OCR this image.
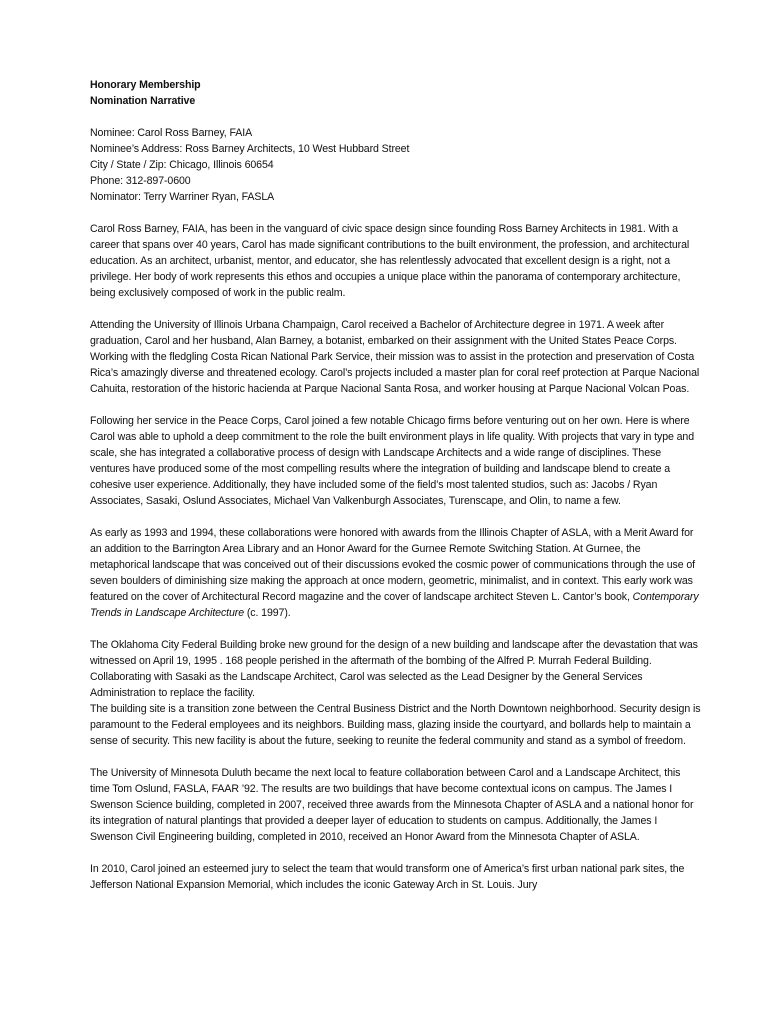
Honorary Membership
Nomination Narrative
Nominee: Carol Ross Barney, FAIA
Nominee’s Address: Ross Barney Architects, 10 West Hubbard Street
City / State / Zip: Chicago, Illinois 60654
Phone: 312-897-0600
Nominator: Terry Warriner Ryan, FASLA

Carol Ross Barney, FAIA, has been in the vanguard of civic space design since founding Ross Barney Architects in 1981. With a career that spans over 40 years, Carol has made significant contributions to the built environment, the profession, and architectural education. As an architect, urbanist, mentor, and educator, she has relentlessly advocated that excellent design is a right, not a privilege. Her body of work represents this ethos and occupies a unique place within the panorama of contemporary architecture, being exclusively composed of work in the public realm.

Attending the University of Illinois Urbana Champaign, Carol received a Bachelor of Architecture degree in 1971. A week after graduation, Carol and her husband, Alan Barney, a botanist, embarked on their assignment with the United States Peace Corps. Working with the fledgling Costa Rican National Park Service, their mission was to assist in the protection and preservation of Costa Rica’s amazingly diverse and threatened ecology. Carol’s projects included a master plan for coral reef protection at Parque Nacional Cahuita, restoration of the historic hacienda at Parque Nacional Santa Rosa, and worker housing at Parque Nacional Volcan Poas.

Following her service in the Peace Corps, Carol joined a few notable Chicago firms before venturing out on her own. Here is where Carol was able to uphold a deep commitment to the role the built environment plays in life quality. With projects that vary in type and scale, she has integrated a collaborative process of design with Landscape Architects and a wide range of disciplines. These ventures have produced some of the most compelling results where the integration of building and landscape blend to create a cohesive user experience. Additionally, they have included some of the field’s most talented studios, such as: Jacobs / Ryan Associates, Sasaki, Oslund Associates, Michael Van Valkenburgh Associates, Turenscape, and Olin, to name a few.

As early as 1993 and 1994, these collaborations were honored with awards from the Illinois Chapter of ASLA, with a Merit Award for an addition to the Barrington Area Library and an Honor Award for the Gurnee Remote Switching Station. At Gurnee, the metaphorical landscape that was conceived out of their discussions evoked the cosmic power of communications through the use of seven boulders of diminishing size making the approach at once modern, geometric, minimalist, and in context. This early work was featured on the cover of Architectural Record magazine and the cover of landscape architect Steven L. Cantor’s book, Contemporary Trends in Landscape Architecture (c. 1997).

The Oklahoma City Federal Building broke new ground for the design of a new building and landscape after the devastation that was witnessed on April 19, 1995 . 168 people perished in the aftermath of the bombing of the Alfred P. Murrah Federal Building. Collaborating with Sasaki as the Landscape Architect, Carol was selected as the Lead Designer by the General Services Administration to replace the facility.

The building site is a transition zone between the Central Business District and the North Downtown neighborhood. Security design is paramount to the Federal employees and its neighbors. Building mass, glazing inside the courtyard, and bollards help to maintain a sense of security. This new facility is about the future, seeking to reunite the federal community and stand as a symbol of freedom.

The University of Minnesota Duluth became the next local to feature collaboration between Carol and a Landscape Architect, this time Tom Oslund, FASLA, FAAR ’92. The results are two buildings that have become contextual icons on campus. The James I Swenson Science building, completed in 2007, received three awards from the Minnesota Chapter of ASLA and a national honor for its integration of natural plantings that provided a deeper layer of education to students on campus. Additionally, the James I Swenson Civil Engineering building, completed in 2010, received an Honor Award from the Minnesota Chapter of ASLA.

In 2010, Carol joined an esteemed jury to select the team that would transform one of America’s first urban national park sites, the Jefferson National Expansion Memorial, which includes the iconic Gateway Arch in St. Louis. Jury
